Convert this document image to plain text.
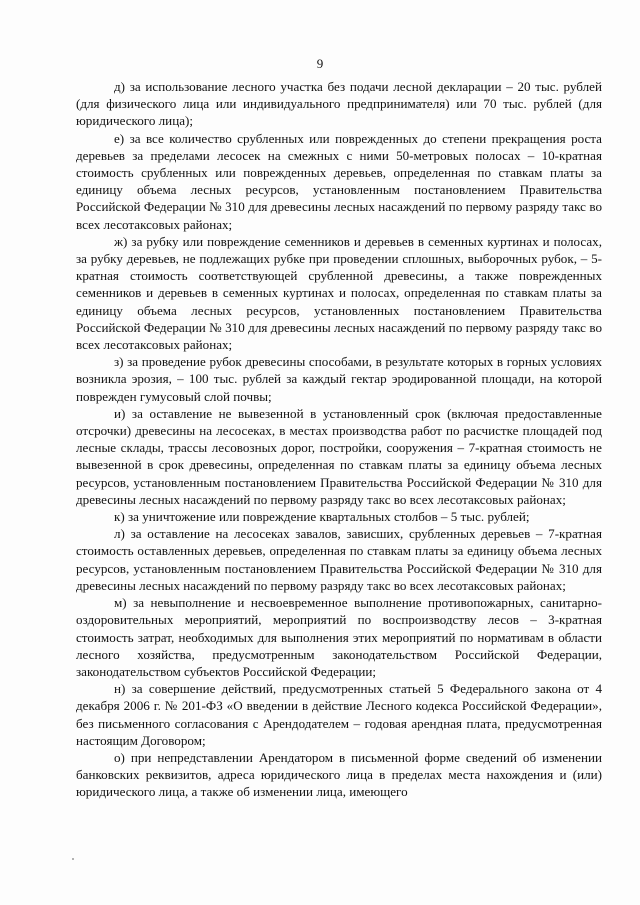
9

д) за использование лесного участка без подачи лесной декларации – 20 тыс. рублей (для физического лица или индивидуального предпринимателя) или 70 тыс. рублей (для юридического лица);

е) за все количество срубленных или поврежденных до степени прекращения роста деревьев за пределами лесосек на смежных с ними 50-метровых полосах – 10-кратная стоимость срубленных или поврежденных деревьев, определенная по ставкам платы за единицу объема лесных ресурсов, установленным постановлением Правительства Российской Федерации № 310 для древесины лесных насаждений по первому разряду такс во всех лесотаксовых районах;

ж) за рубку или повреждение семенников и деревьев в семенных куртинах и полосах, за рубку деревьев, не подлежащих рубке при проведении сплошных, выборочных рубок, – 5-кратная стоимость соответствующей срубленной древесины, а также поврежденных семенников и деревьев в семенных куртинах и полосах, определенная по ставкам платы за единицу объема лесных ресурсов, установленных постановлением Правительства Российской Федерации № 310 для древесины лесных насаждений по первому разряду такс во всех лесотаксовых районах;

з) за проведение рубок древесины способами, в результате которых в горных условиях возникла эрозия, – 100 тыс. рублей за каждый гектар эродированной площади, на которой поврежден гумусовый слой почвы;

и) за оставление не вывезенной в установленный срок (включая предоставленные отсрочки) древесины на лесосеках, в местах производства работ по расчистке площадей под лесные склады, трассы лесовозных дорог, постройки, сооружения – 7-кратная стоимость не вывезенной в срок древесины, определенная по ставкам платы за единицу объема лесных ресурсов, установленным постановлением Правительства Российской Федерации № 310 для древесины лесных насаждений по первому разряду такс во всех лесотаксовых районах;

к) за уничтожение или повреждение квартальных столбов – 5 тыс. рублей;

л) за оставление на лесосеках завалов, зависших, срубленных деревьев – 7-кратная стоимость оставленных деревьев, определенная по ставкам платы за единицу объема лесных ресурсов, установленным постановлением Правительства Российской Федерации № 310 для древесины лесных насаждений по первому разряду такс во всех лесотаксовых районах;

м) за невыполнение и несвоевременное выполнение противопожарных, санитарно-оздоровительных мероприятий, мероприятий по воспроизводству лесов – 3-кратная стоимость затрат, необходимых для выполнения этих мероприятий по нормативам в области лесного хозяйства, предусмотренным законодательством Российской Федерации, законодательством субъектов Российской Федерации;

н) за совершение действий, предусмотренных статьей 5 Федерального закона от 4 декабря 2006 г. № 201-ФЗ «О введении в действие Лесного кодекса Российской Федерации», без письменного согласования с Арендодателем – годовая арендная плата, предусмотренная настоящим Договором;

о) при непредставлении Арендатором в письменной форме сведений об изменении банковских реквизитов, адреса юридического лица в пределах места нахождения и (или) юридического лица, а также об изменении лица, имеющего
